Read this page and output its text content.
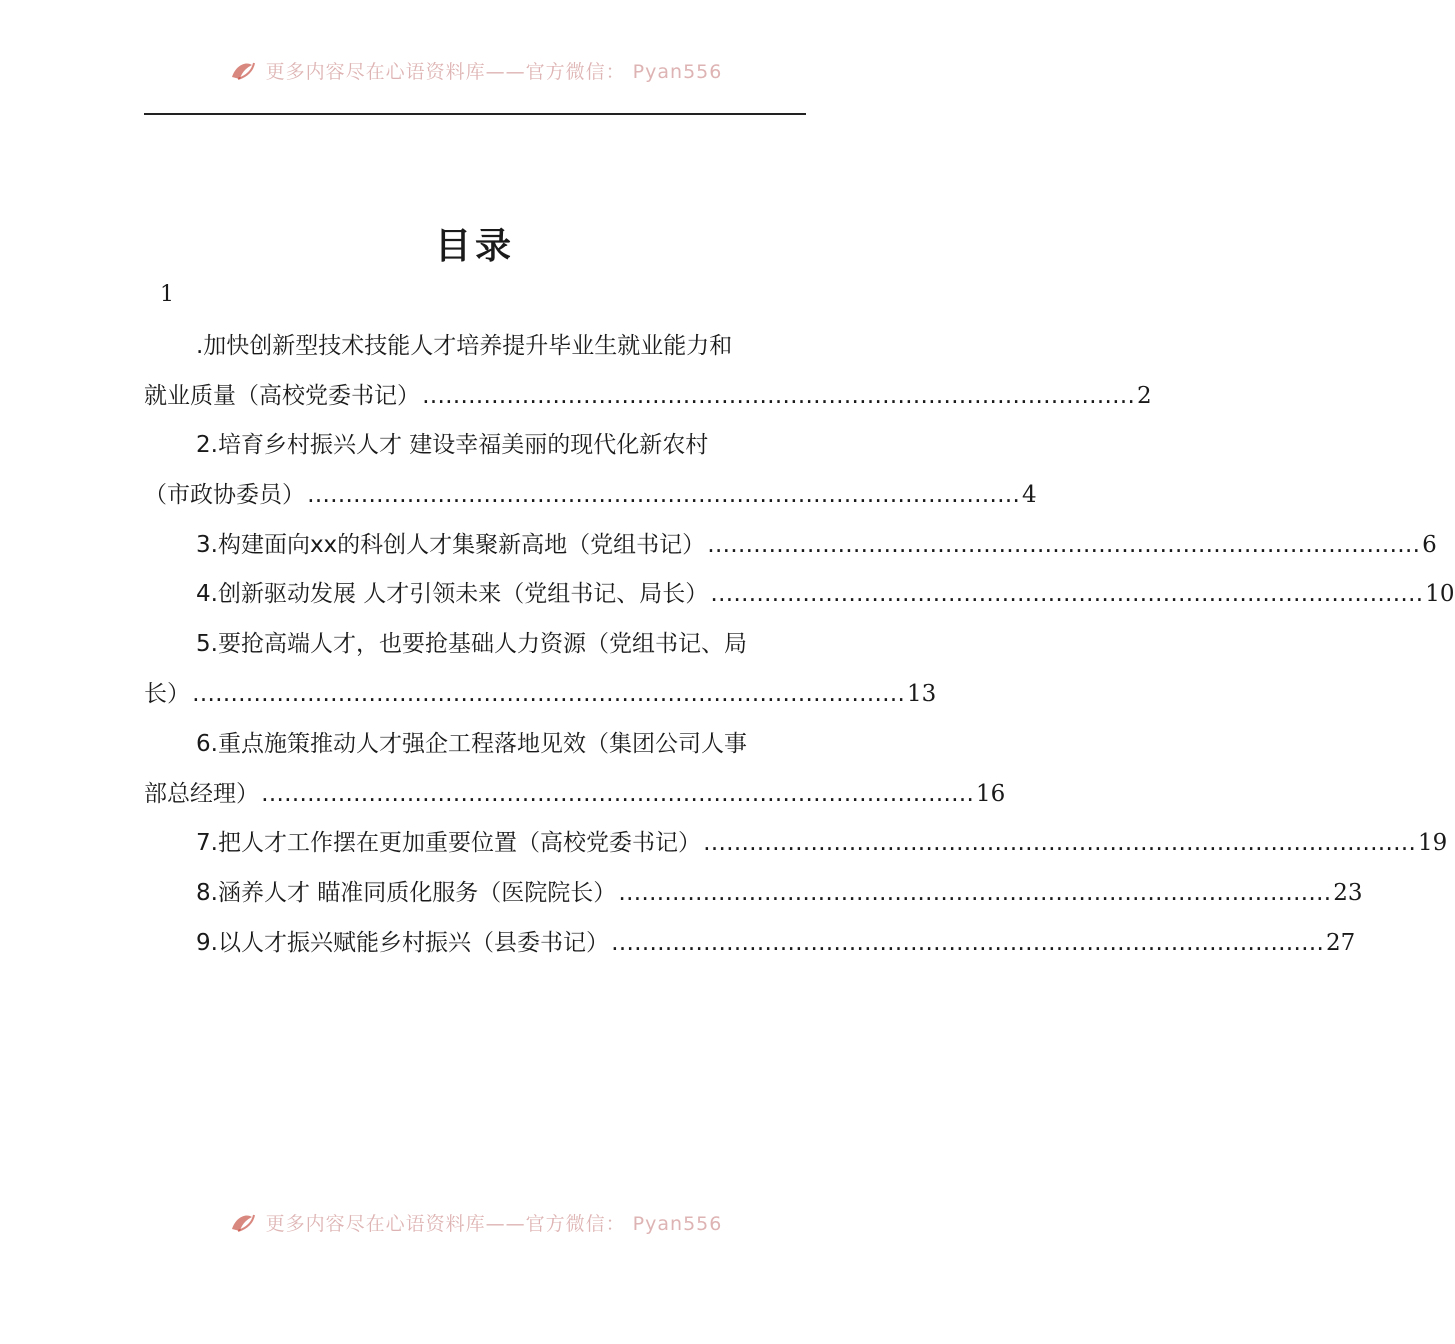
更多内容尽在心语资料库——官方微信： Pyan556
目录
1
.加快创新型技术技能人才培养提升毕业生就业能力和
就业质量（高校党委书记） ………………………………………………………………………………… 2
2.培育乡村振兴人才 建设幸福美丽的现代化新农村
（市政协委员） ………………………………………………………………………………… 4
3.构建面向xx的科创人才集聚新高地（党组书记） ………………………………………………………………………………… 6
4.创新驱动发展 人才引领未来（党组书记、局长） ………………………………………………………………………………… 10
5.要抢高端人才，也要抢基础人力资源（党组书记、局
长） ………………………………………………………………………………… 13
6.重点施策推动人才强企工程落地见效（集团公司人事
部总经理） ………………………………………………………………………………… 16
7.把人才工作摆在更加重要位置（高校党委书记） ………………………………………………………………………………… 19
8.涵养人才 瞄准同质化服务（医院院长） ………………………………………………………………………………… 23
9.以人才振兴赋能乡村振兴（县委书记） ………………………………………………………………………………… 27
更多内容尽在心语资料库——官方微信： Pyan556
